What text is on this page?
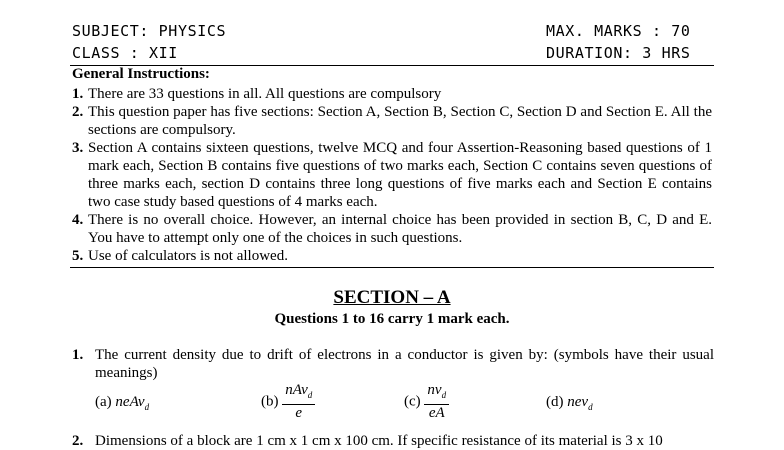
SUBJECT: PHYSICS
CLASS : XII
MAX. MARKS : 70
DURATION: 3 HRS
General Instructions:
1. There are 33 questions in all. All questions are compulsory
2. This question paper has five sections: Section A, Section B, Section C, Section D and Section E. All the sections are compulsory.
3. Section A contains sixteen questions, twelve MCQ and four Assertion-Reasoning based questions of 1 mark each, Section B contains five questions of two marks each, Section C contains seven questions of three marks each, section D contains three long questions of five marks each and Section E contains two case study based questions of 4 marks each.
4. There is no overall choice. However, an internal choice has been provided in section B, C, D and E. You have to attempt only one of the choices in such questions.
5. Use of calculators is not allowed.
SECTION – A
Questions 1 to 16 carry 1 mark each.
1. The current density due to drift of electrons in a conductor is given by: (symbols have their usual meanings)
(a) neAv$_d$	$(b) \frac{nAv_d}{e}$	$(c) \frac{nv_d}{eA}$	(d) nev$_d$
2. Dimensions of a block are 1 cm x 1 cm x 100 cm. If specific resistance of its material is 3 x 10
